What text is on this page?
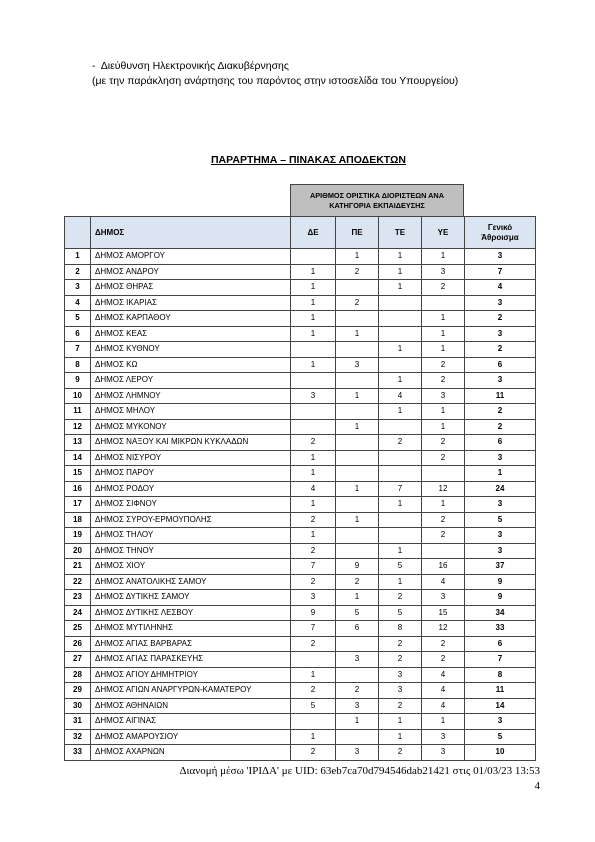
-  Διεύθυνση Ηλεκτρονικής Διακυβέρνησης
(με την παράκληση ανάρτησης του παρόντος στην ιστοσελίδα του Υπουργείου)
ΠΑΡΑΡΤΗΜΑ – ΠΙΝΑΚΑΣ ΑΠΟΔΕΚΤΩΝ
ΑΡΙΘΜΟΣ ΟΡΙΣΤΙΚΑ ΔΙΟΡΙΣΤΕΩΝ ΑΝΑ ΚΑΤΗΓΟΡΙΑ ΕΚΠΑΙΔΕΥΣΗΣ
	ΔΗΜΟΣ	ΔΕ	ΠΕ	ΤΕ	ΥΕ	Γενικό Άθροισμα
1	ΔΗΜΟΣ ΑΜΟΡΓΟΥ		1	1	1	3
2	ΔΗΜΟΣ ΑΝΔΡΟΥ	1	2	1	3	7
3	ΔΗΜΟΣ ΘΗΡΑΣ	1		1	2	4
4	ΔΗΜΟΣ ΙΚΑΡΙΑΣ	1	2			3
5	ΔΗΜΟΣ ΚΑΡΠΑΘΟΥ	1			1	2
6	ΔΗΜΟΣ ΚΕΑΣ	1	1		1	3
7	ΔΗΜΟΣ ΚΥΘΝΟΥ			1	1	2
8	ΔΗΜΟΣ ΚΩ	1	3		2	6
9	ΔΗΜΟΣ ΛΕΡΟΥ			1	2	3
10	ΔΗΜΟΣ ΛΗΜΝΟΥ	3	1	4	3	11
11	ΔΗΜΟΣ ΜΗΛΟΥ			1	1	2
12	ΔΗΜΟΣ ΜΥΚΟΝΟΥ		1		1	2
13	ΔΗΜΟΣ ΝΑΞΟΥ ΚΑΙ ΜΙΚΡΩΝ ΚΥΚΛΑΔΩΝ	2		2	2	6
14	ΔΗΜΟΣ ΝΙΣΥΡΟΥ	1			2	3
15	ΔΗΜΟΣ ΠΑΡΟΥ	1				1
16	ΔΗΜΟΣ ΡΟΔΟΥ	4	1	7	12	24
17	ΔΗΜΟΣ ΣΙΦΝΟΥ	1		1	1	3
18	ΔΗΜΟΣ ΣΥΡΟΥ-ΕΡΜΟΥΠΟΛΗΣ	2	1		2	5
19	ΔΗΜΟΣ ΤΗΛΟΥ	1			2	3
20	ΔΗΜΟΣ ΤΗΝΟΥ	2		1		3
21	ΔΗΜΟΣ ΧΙΟΥ	7	9	5	16	37
22	ΔΗΜΟΣ ΑΝΑΤΟΛΙΚΗΣ ΣΑΜΟΥ	2	2	1	4	9
23	ΔΗΜΟΣ ΔΥΤΙΚΗΣ ΣΑΜΟΥ	3	1	2	3	9
24	ΔΗΜΟΣ ΔΥΤΙΚΗΣ ΛΕΣΒΟΥ	9	5	5	15	34
25	ΔΗΜΟΣ ΜΥΤΙΛΗΝΗΣ	7	6	8	12	33
26	ΔΗΜΟΣ ΑΓΙΑΣ ΒΑΡΒΑΡΑΣ	2		2	2	6
27	ΔΗΜΟΣ ΑΓΙΑΣ ΠΑΡΑΣΚΕΥΗΣ		3	2	2	7
28	ΔΗΜΟΣ ΑΓΙΟΥ ΔΗΜΗΤΡΙΟΥ	1		3	4	8
29	ΔΗΜΟΣ ΑΓΙΩΝ ΑΝΑΡΓΥΡΩΝ-ΚΑΜΑΤΕΡΟΥ	2	2	3	4	11
30	ΔΗΜΟΣ ΑΘΗΝΑΙΩΝ	5	3	2	4	14
31	ΔΗΜΟΣ ΑΙΓΙΝΑΣ		1	1	1	3
32	ΔΗΜΟΣ ΑΜΑΡΟΥΣΙΟΥ	1		1	3	5
33	ΔΗΜΟΣ ΑΧΑΡΝΩΝ	2	3	2	3	10
Διανομή μέσω 'ΙΡΙΔΑ' με UID: 63eb7ca70d794546dab21421 στις 01/03/23 13:53
4
